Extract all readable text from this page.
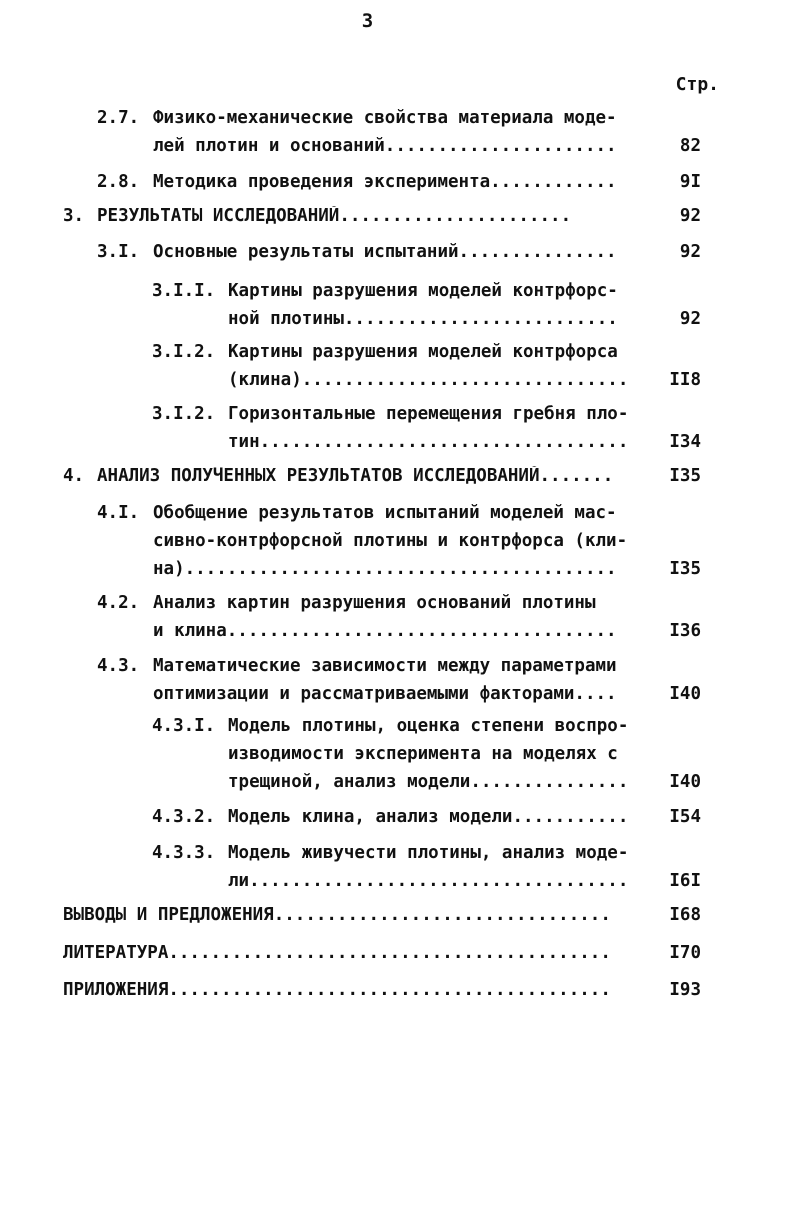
3
Стр.
2.7. Физико-механические свойства материала моде-
лей плотин и оснований......................	82
2.8. Методика проведения эксперимента............	9I
3. РЕЗУЛЬТАТЫ ИССЛЕДОВАНИЙ......................	92
3.I. Основные результаты испытаний...............	92
3.I.I. Картины разрушения моделей контрфорс-
ной плотины..........................	92
3.I.2. Картины разрушения моделей контрфорса
(клина)...............................	II8
3.I.2. Горизонтальные перемещения гребня пло-
тин...................................	I34
4. АНАЛИЗ ПОЛУЧЕННЫХ РЕЗУЛЬТАТОВ ИССЛЕДОВАНИЙ.......	I35
4.I. Обобщение результатов испытаний моделей мас-
сивно-контрфорсной плотины и контрфорса (кли-
на).........................................	I35
4.2. Анализ картин разрушения оснований плотины
и клина.....................................	I36
4.3. Математические зависимости между параметрами
оптимизации и рассматриваемыми факторами....	I40
4.3.I. Модель плотины, оценка степени воспро-
изводимости эксперимента на моделях с
трещиной, анализ модели...............	I40
4.3.2. Модель клина, анализ модели...........	I54
4.3.3. Модель живучести плотины, анализ моде-
ли....................................	I6I
ВЫВОДЫ И ПРЕДЛОЖЕНИЯ................................	I68
ЛИТЕРАТУРА..........................................	I70
ПРИЛОЖЕНИЯ..........................................	I93
